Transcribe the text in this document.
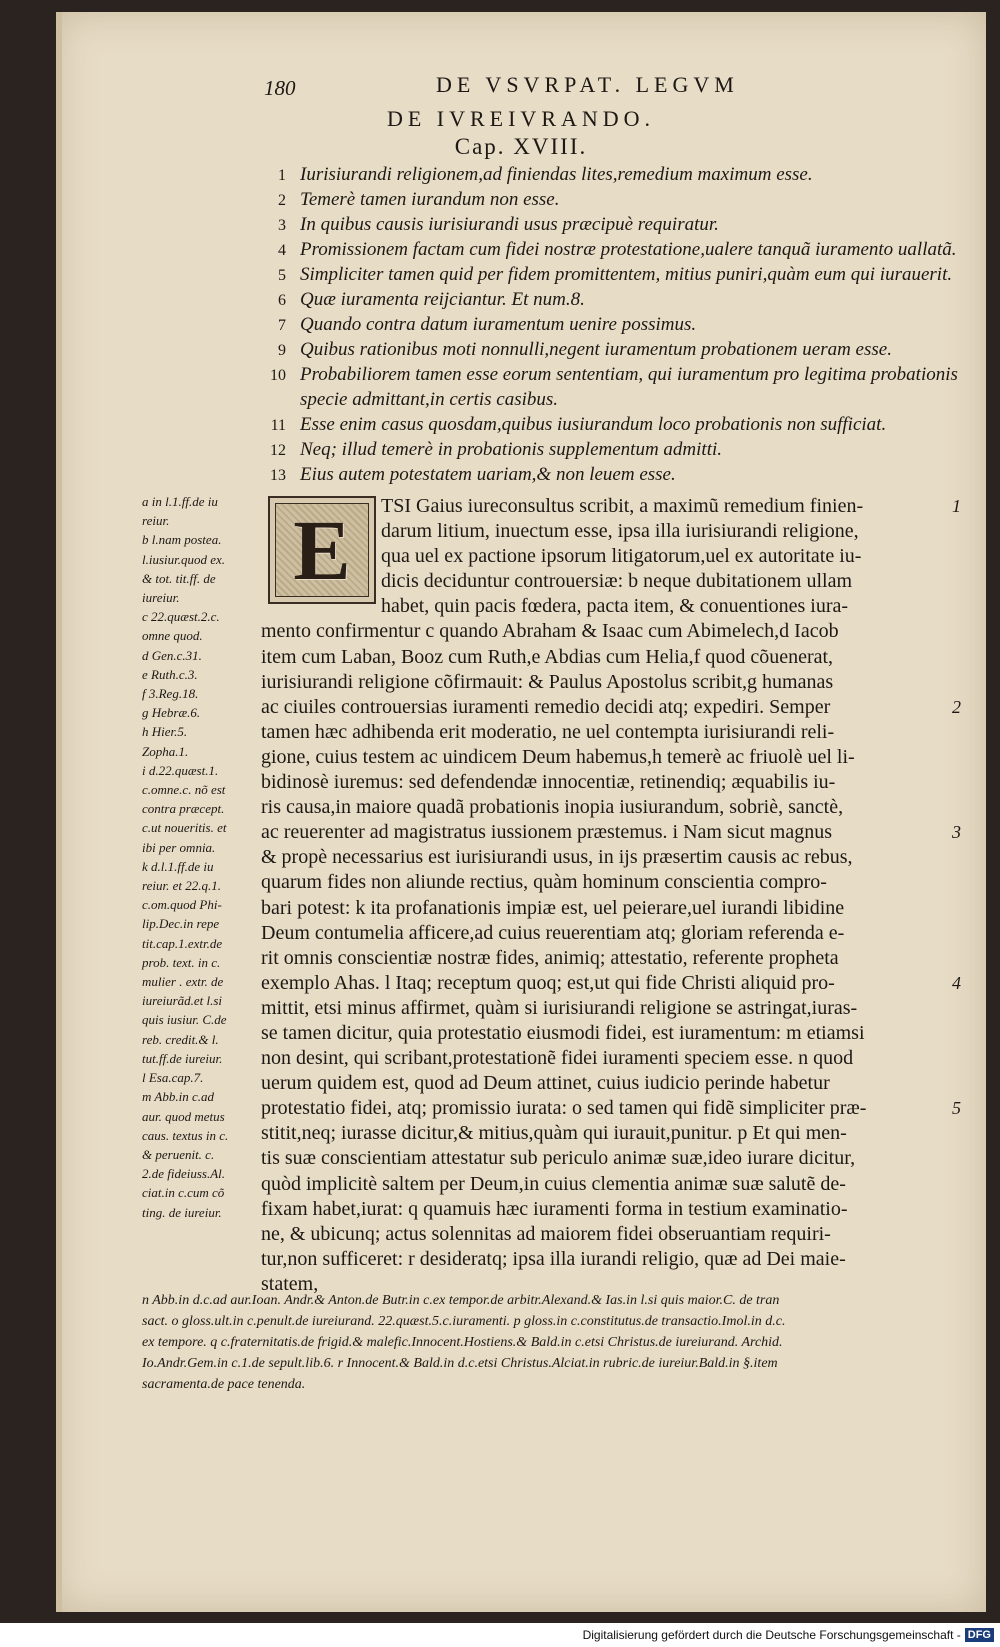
180	DE VSVRPAT. LEGVM
DE IVREIVRANDO.
Cap. XVIII.
1 Iurisiurandi religionem,ad finiendas lites,remedium maximum esse.
2 Temerè tamen iurandum non esse.
3 In quibus causis iurisiurandi usus præcipuè requiratur.
4 Promissionem factam cum fidei nostræ protestatione,ualere tanquã iuramento uallatã.
5 Simpliciter tamen quid per fidem promittentem, mitius puniri,quàm eum qui iurauerit.
6 Quæ iuramenta reijciantur. Et num.8.
7 Quando contra datum iuramentum uenire possimus.
9 Quibus rationibus moti nonnulli,negent iuramentum probationem ueram esse.
10 Probabiliorem tamen esse eorum sententiam, qui iuramentum pro legitima probationis
specie admittant,in certis casibus.
11 Esse enim casus quosdam,quibus iusiurandum loco probationis non sufficiat.
12 Neq; illud temerè in probationis supplementum admitti.
13 Eius autem potestatem uariam,& non leuem esse.
a in l.1.ff.de iu
reiur.
b l.nam postea.
l.iusiur.quod ex.
& tot. tit.ff. de
iureiur.
c 22.quæst.2.c.
omne quod.
d Gen.c.31.
e Ruth.c.3.
f 3.Reg.18.
g Hebræ.6.
h Hier.5.
Zopha.1.
i d.22.quæst.1.
c.omne.c. nõ est
contra præcept.
c.ut noueritis. et
ibi per omnia.
k d.l.1.ff.de iu
reiur. et 22.q.1.
c.om.quod Phi-
lip.Dec.in repe
tit.cap.1.extr.de
prob. text. in c.
mulier . extr. de
iureiurãd.et l.si
quis iusiur. C.de
reb. credit.& l.
tut.ff.de iureiur.
l Esa.cap.7.
m Abb.in c.ad
aur. quod metus
caus. textus in c.
& peruenit. c.
2.de fideiuss.Al.
ciat.in c.cum cõ
ting. de iureiur.
E	TSI Gaius iureconsultus scribit, a maximũ remedium finien-
darum litium, inuectum esse, ipsa illa iurisiurandi religione,
qua uel ex pactione ipsorum litigatorum,uel ex autoritate iu-
dicis deciduntur controuersiæ: b neque dubitationem ullam
habet, quin pacis fœdera, pacta item, & conuentiones iura-
mento confirmentur c quando Abraham & Isaac cum Abimelech,d Iacob
item cum Laban, Booz cum Ruth,e Abdias cum Helia,f quod cõuenerat,
iurisiurandi religione cõfirmauit: & Paulus Apostolus scribit,g humanas
ac ciuiles controuersias iuramenti remedio decidi atq; expediri. Semper
tamen hæc adhibenda erit moderatio, ne uel contempta iurisiurandi reli-
gione, cuius testem ac uindicem Deum habemus,h temerè ac friuolè uel li-
bidinosè iuremus: sed defendendæ innocentiæ, retinendiq; æquabilis iu-
ris causa,in maiore quadã probationis inopia iusiurandum, sobriè, sanctè,
ac reuerenter ad magistratus iussionem præstemus. i Nam sicut magnus
& propè necessarius est iurisiurandi usus, in ijs præsertim causis ac rebus,
quarum fides non aliunde rectius, quàm hominum conscientia compro-
bari potest: k ita profanationis impiæ est, uel peierare,uel iurandi libidine
Deum contumelia afficere,ad cuius reuerentiam atq; gloriam referenda e-
rit omnis conscientiæ nostræ fides, animiq; attestatio, referente propheta
exemplo Ahas. l Itaq; receptum quoq; est,ut qui fide Christi aliquid pro-
mittit, etsi minus affirmet, quàm si iurisiurandi religione se astringat,iuras-
se tamen dicitur, quia protestatio eiusmodi fidei, est iuramentum: m etiamsi
non desint, qui scribant,protestationẽ fidei iuramenti speciem esse. n quod
uerum quidem est, quod ad Deum attinet, cuius iudicio perinde habetur
protestatio fidei, atq; promissio iurata: o sed tamen qui fidẽ simpliciter præ-
stitit,neq; iurasse dicitur,& mitius,quàm qui iurauit,punitur. p Et qui men-
tis suæ conscientiam attestatur sub periculo animæ suæ,ideo iurare dicitur,
quòd implicitè saltem per Deum,in cuius clementia animæ suæ salutẽ de-
fixam habet,iurat: q quamuis hæc iuramenti forma in testium examinatio-
ne, & ubicunq; actus solennitas ad maiorem fidei obseruantiam requiri-
tur,non sufficeret: r desideratq; ipsa illa iurandi religio, quæ ad Dei maie-
statem,
1
2
3
4
5
n Abb.in d.c.ad aur.Ioan. Andr.& Anton.de Butr.in c.ex tempor.de arbitr.Alexand.& Ias.in l.si quis maior.C. de tran
sact. o gloss.ult.in c.penult.de iureiurand. 22.quæst.5.c.iuramenti. p gloss.in c.constitutus.de transactio.Imol.in d.c.
ex tempore. q c.fraternitatis.de frigid.& malefic.Innocent.Hostiens.& Bald.in c.etsi Christus.de iureiurand. Archid.
Io.Andr.Gem.in c.1.de sepult.lib.6. r Innocent.& Bald.in d.c.etsi Christus.Alciat.in rubric.de iureiur.Bald.in §.item
sacramenta.de pace tenenda.
Digitalisierung gefördert durch die Deutsche Forschungsgemeinschaft - DFG
